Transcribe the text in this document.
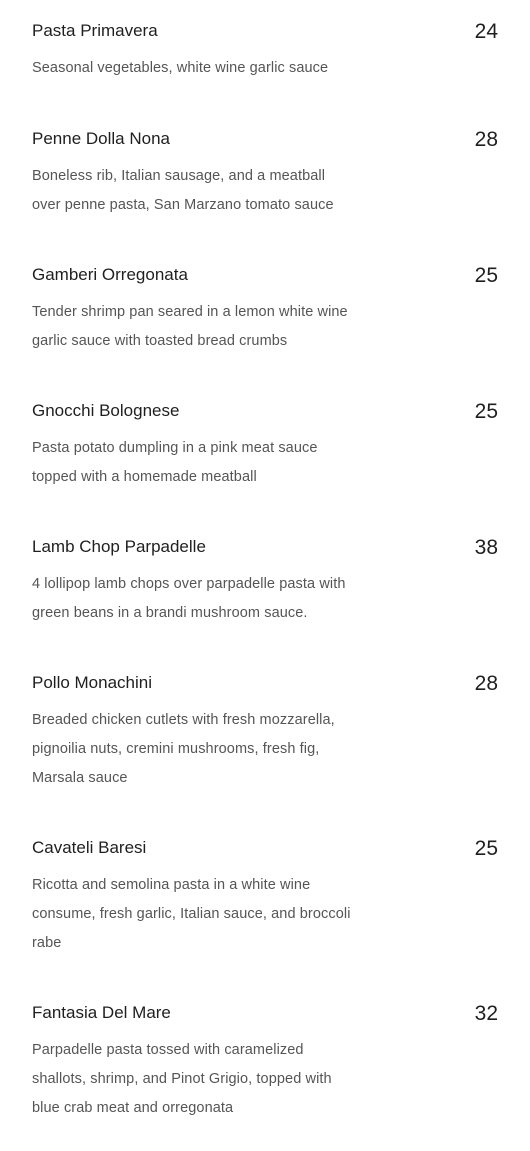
Pasta Primavera	24
Seasonal vegetables, white wine garlic sauce
Penne Dolla Nona	28
Boneless rib, Italian sausage, and a meatball
over penne pasta, San Marzano tomato sauce
Gamberi Orregonata	25
Tender shrimp pan seared in a lemon white wine
garlic sauce with toasted bread crumbs
Gnocchi Bolognese	25
Pasta potato dumpling in a pink meat sauce
topped with a homemade meatball
Lamb Chop Parpadelle	38
4 lollipop lamb chops over parpadelle pasta with
green beans in a brandi mushroom sauce.
Pollo Monachini	28
Breaded chicken cutlets with fresh mozzarella,
pignoilia nuts, cremini mushrooms, fresh fig,
Marsala sauce
Cavateli Baresi	25
Ricotta and semolina pasta in a white wine
consume, fresh garlic, Italian sauce, and broccoli
rabe
Fantasia Del Mare	32
Parpadelle pasta tossed with caramelized
shallots, shrimp, and Pinot Grigio, topped with
blue crab meat and orregonata
